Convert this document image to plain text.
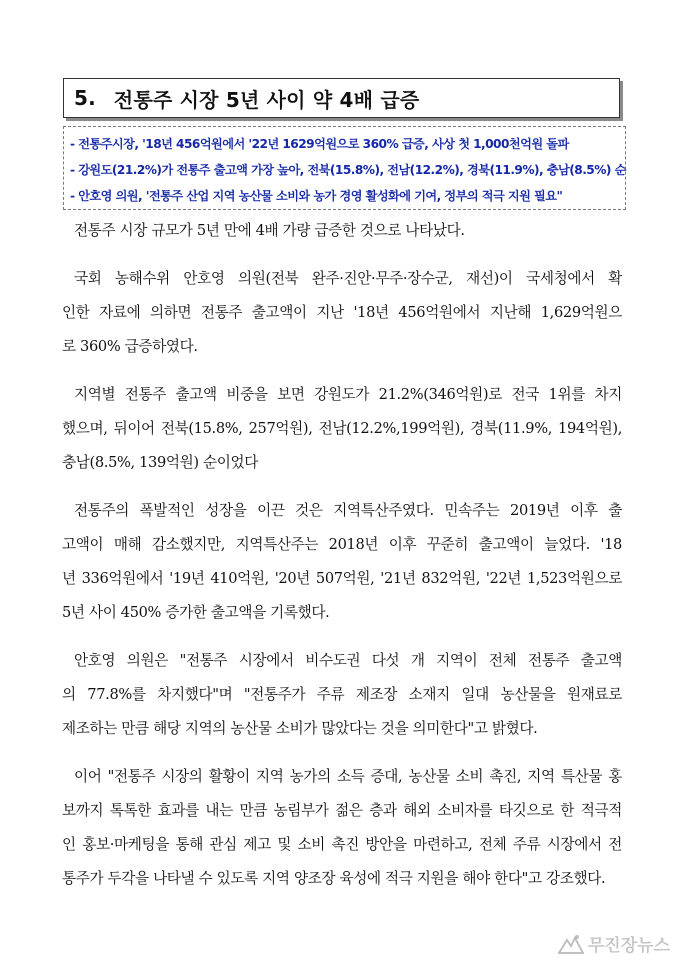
5. 전통주 시장 5년 사이 약 4배 급증
- 전통주시장, '18년 456억원에서 '22년 1629억원으로 360% 급증, 사상 첫 1,000천억원 돌파
- 강원도(21.2%)가 전통주 출고액 가장 높아, 전북(15.8%), 전남(12.2%), 경북(11.9%), 충남(8.5%) 순
- 안호영 의원, '전통주 산업 지역 농산물 소비와 농가 경영 활성화에 기여, 정부의 적극 지원 필요"
전통주 시장 규모가 5년 만에 4배 가량 급증한 것으로 나타났다.
국회 농해수위 안호영 의원(전북 완주·진안·무주·장수군, 재선)이 국세청에서 확
인한 자료에 의하면 전통주 출고액이 지난 '18년 456억원에서 지난해 1,629억원으
로 360% 급증하였다.
지역별 전통주 출고액 비중을 보면 강원도가 21.2%(346억원)로 전국 1위를 차지
했으며, 뒤이어 전북(15.8%, 257억원), 전남(12.2%,199억원), 경북(11.9%, 194억원),
충남(8.5%, 139억원) 순이었다
전통주의 폭발적인 성장을 이끈 것은 지역특산주였다. 민속주는 2019년 이후 출
고액이 매해 감소했지만, 지역특산주는 2018년 이후 꾸준히 출고액이 늘었다. '18
년 336억원에서 '19년 410억원, '20년 507억원, '21년 832억원, '22년 1,523억원으로
5년 사이 450% 증가한 출고액을 기록했다.
안호영 의원은 "전통주 시장에서 비수도권 다섯 개 지역이 전체 전통주 출고액
의 77.8%를 차지했다"며 "전통주가 주류 제조장 소재지 일대 농산물을 원재료로
제조하는 만큼 해당 지역의 농산물 소비가 많았다는 것을 의미한다"고 밝혔다.
이어 "전통주 시장의 활황이 지역 농가의 소득 증대, 농산물 소비 촉진, 지역 특산물 홍
보까지 톡톡한 효과를 내는 만큼 농림부가 젊은 층과 해외 소비자를 타깃으로 한 적극적
인 홍보·마케팅을 통해 관심 제고 및 소비 촉진 방안을 마련하고, 전체 주류 시장에서 전
통주가 두각을 나타낼 수 있도록 지역 양조장 육성에 적극 지원을 해야 한다"고 강조했다.
무진장뉴스
